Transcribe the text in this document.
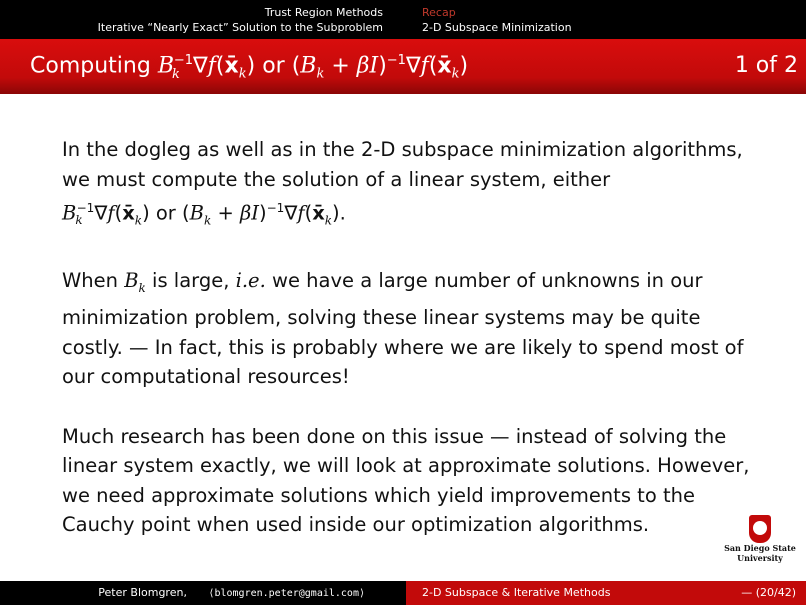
Trust Region Methods
Iterative “Nearly Exact” Solution to the Subproblem
Recap
2-D Subspace Minimization
Computing $B_k^{-1}\nabla f(x̄_k)$ or ($B_k$ + $\beta I)^{-1}\nabla f(x̄_k)$	1 of 2

In the dogleg as well as in the 2-D subspace minimization algorithms, we must compute the solution of a linear system, either
$B_k^{-1}\nabla f(x̄_k)$ or ($B_k$ + $\beta I)^{-1}\nabla f(x̄_k)$.

When $B_k$ is large, i.e. we have a large number of unknowns in our minimization problem, solving these linear systems may be quite costly. — In fact, this is probably where we are likely to spend most of our computational resources!

Much research has been done on this issue — instead of solving the linear system exactly, we will look at approximate solutions. However, we need approximate solutions which yield improvements to the Cauchy point when used inside our optimization algorithms.

San Diego State
University
Peter Blomgren, ⟨blomgren.peter@gmail.com⟩	2-D Subspace & Iterative Methods	— (20/42)
